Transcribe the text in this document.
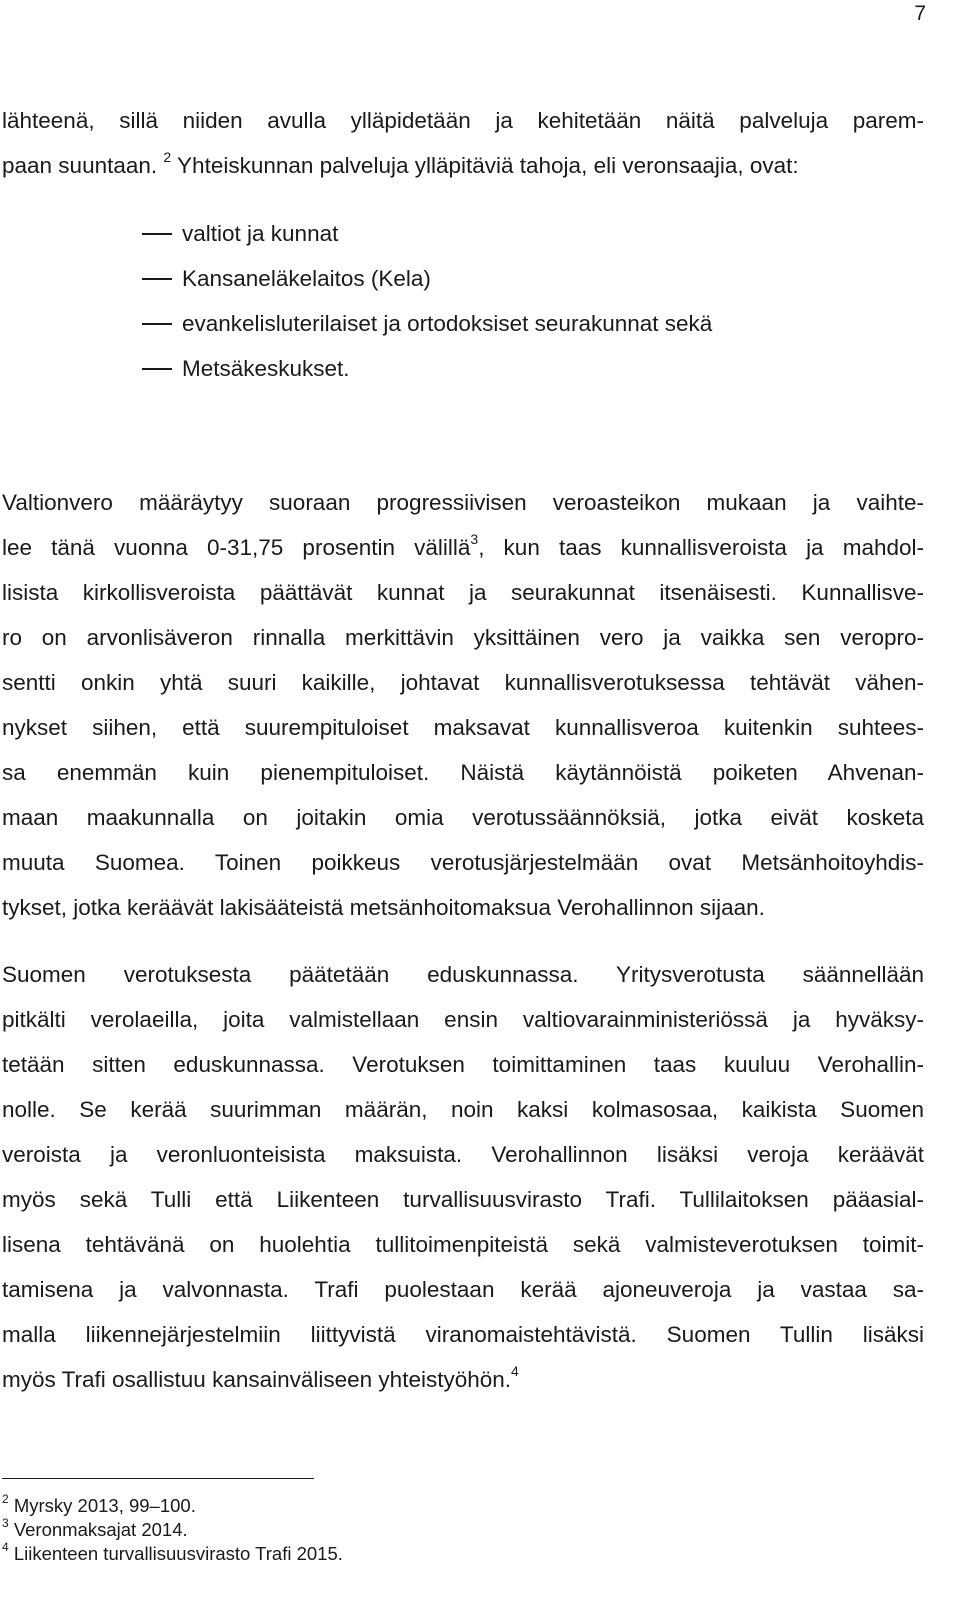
7
lähteenä, sillä niiden avulla ylläpidetään ja kehitetään näitä palveluja parem-
paan suuntaan. $^2$ Yhteiskunnan palveluja ylläpitäviä tahoja, eli veronsaajia, ovat:
valtiot ja kunnat
Kansaneläkelaitos (Kela)
evankelisluterilaiset ja ortodoksiset seurakunnat sekä
Metsäkeskukset.
Valtionvero määräytyy suoraan progressiivisen veroasteikon mukaan ja vaihte-
lee tänä vuonna 0-31,75 prosentin välillä$^3$, kun taas kunnallisveroista ja mahdol-
lisista kirkollisveroista päättävät kunnat ja seurakunnat itsenäisesti. Kunnallisve-
ro on arvonlisäveron rinnalla merkittävin yksittäinen vero ja vaikka sen veropro-
sentti onkin yhtä suuri kaikille, johtavat kunnallisverotuksessa tehtävät vähen-
nykset siihen, että suurempituloiset maksavat kunnallisveroa kuitenkin suhtees-
sa enemmän kuin pienempituloiset. Näistä käytännöistä poiketen Ahvenan-
maan maakunnalla on joitakin omia verotussäännöksiä, jotka eivät kosketa
muuta Suomea. Toinen poikkeus verotusjärjestelmään ovat Metsänhoitoyhdis-
tykset, jotka keräävät lakisääteistä metsänhoitomaksua Verohallinnon sijaan.
Suomen verotuksesta päätetään eduskunnassa. Yritysverotusta säännellään
pitkälti verolaeilla, joita valmistellaan ensin valtiovarainministeriössä ja hyväksy-
tetään sitten eduskunnassa. Verotuksen toimittaminen taas kuuluu Verohallin-
nolle. Se kerää suurimman määrän, noin kaksi kolmasosaa, kaikista Suomen
veroista ja veronluonteisista maksuista. Verohallinnon lisäksi veroja keräävät
myös sekä Tulli että Liikenteen turvallisuusvirasto Trafi. Tullilaitoksen pääasial-
lisena tehtävänä on huolehtia tullitoimenpiteistä sekä valmisteverotuksen toimit-
tamisena ja valvonnasta. Trafi puolestaan kerää ajoneuveroja ja vastaa sa-
malla liikennejärjestelmiin liittyvistä viranomaistehtävistä. Suomen Tullin lisäksi
myös Trafi osallistuu kansainväliseen yhteistyöhön.$^4$
$^2$ Myrsky 2013, 99–100.
$^3$ Veronmaksajat 2014.
$^4$ Liikenteen turvallisuusvirasto Trafi 2015.
